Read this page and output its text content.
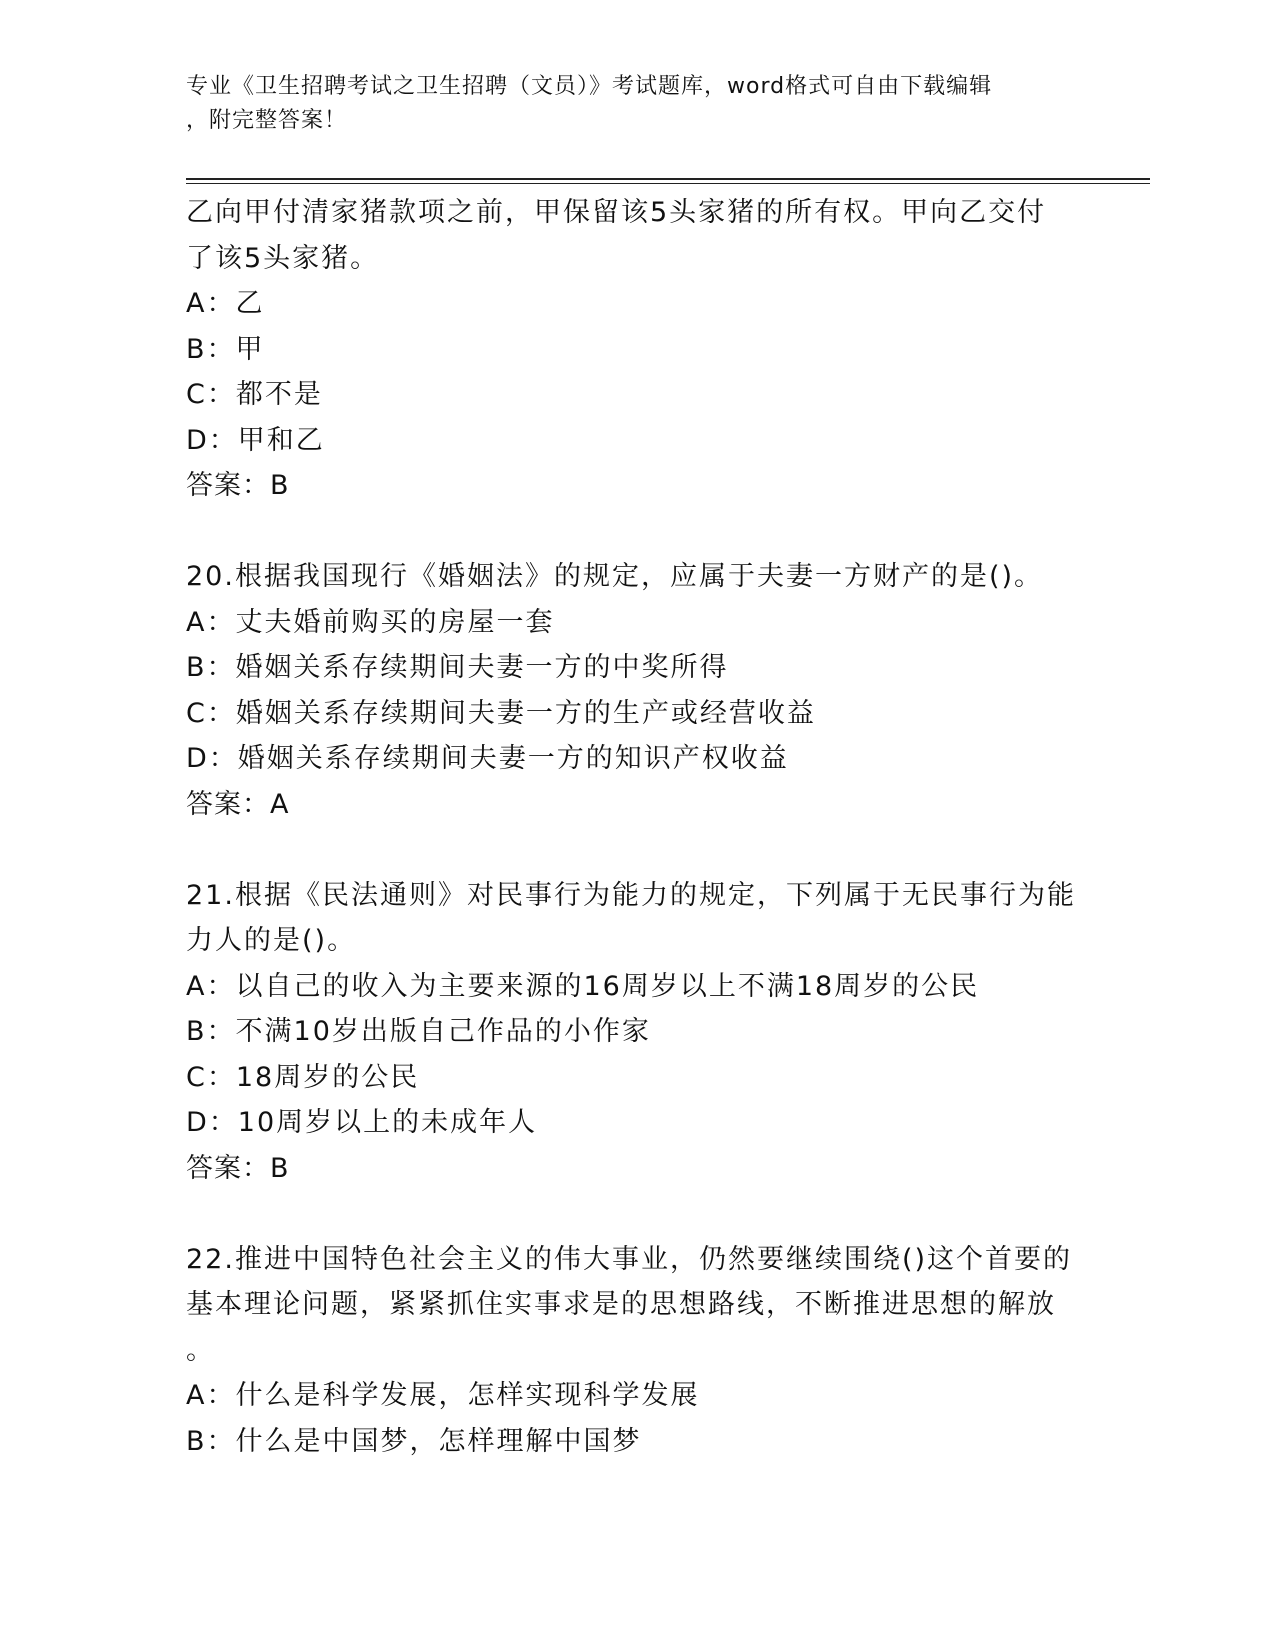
专业《卫生招聘考试之卫生招聘（文员）》考试题库，word格式可自由下载编辑
，附完整答案！
乙向甲付清家猪款项之前，甲保留该5头家猪的所有权。甲向乙交付
了该5头家猪。
A：乙
B：甲
C：都不是
D：甲和乙
答案：B
20.根据我国现行《婚姻法》的规定，应属于夫妻一方财产的是()。
A：丈夫婚前购买的房屋一套
B：婚姻关系存续期间夫妻一方的中奖所得
C：婚姻关系存续期间夫妻一方的生产或经营收益
D：婚姻关系存续期间夫妻一方的知识产权收益
答案：A
21.根据《民法通则》对民事行为能力的规定，下列属于无民事行为能
力人的是()。
A：以自己的收入为主要来源的16周岁以上不满18周岁的公民
B：不满10岁出版自己作品的小作家
C：18周岁的公民
D：10周岁以上的未成年人
答案：B
22.推进中国特色社会主义的伟大事业，仍然要继续围绕()这个首要的
基本理论问题，紧紧抓住实事求是的思想路线，不断推进思想的解放
。
A：什么是科学发展，怎样实现科学发展
B：什么是中国梦，怎样理解中国梦
